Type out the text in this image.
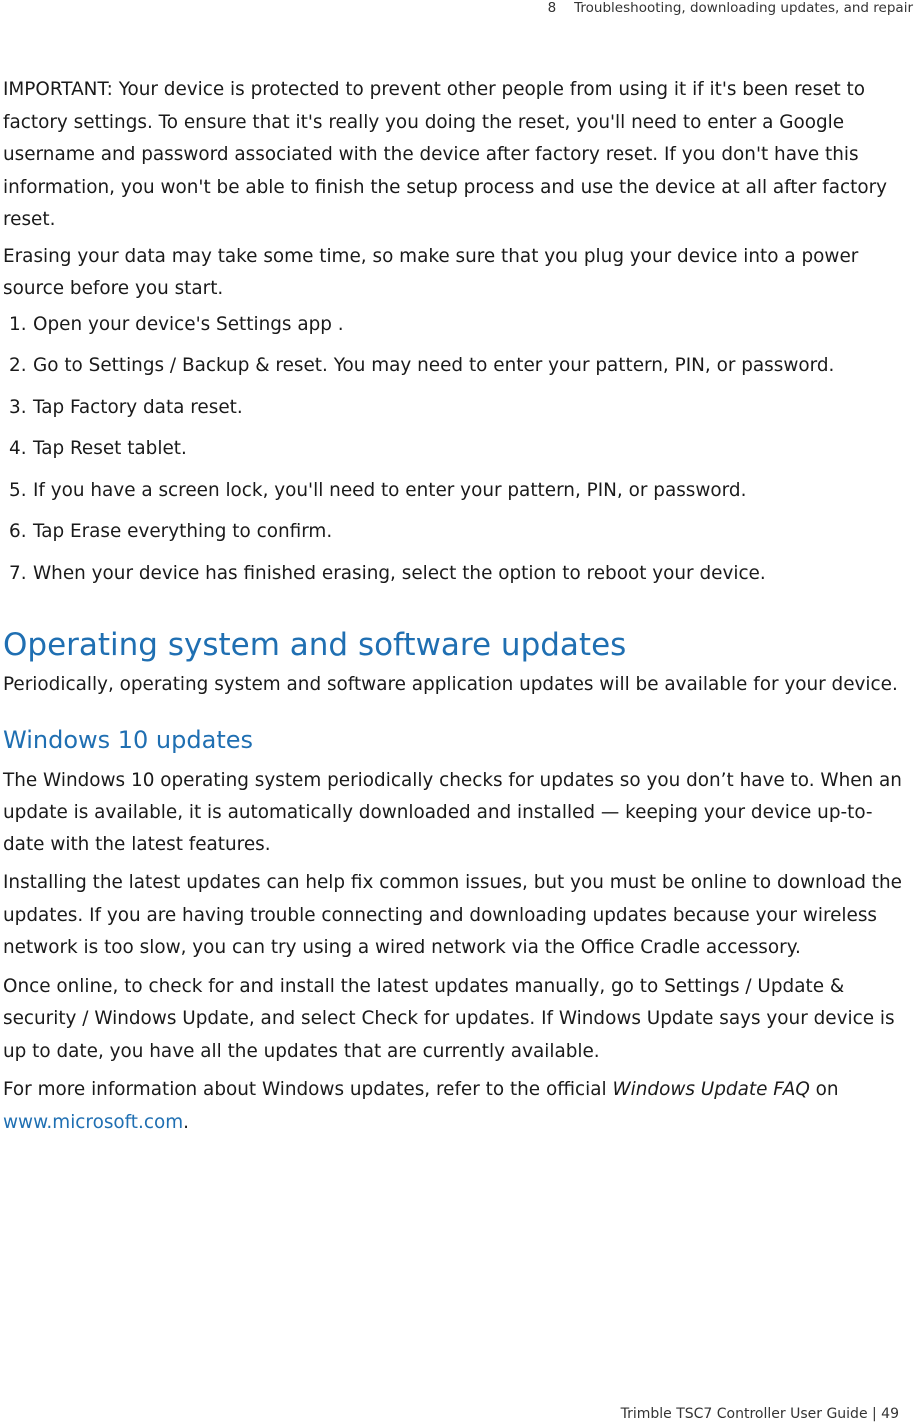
8 Troubleshooting, downloading updates, and repair

IMPORTANT: Your device is protected to prevent other people from using it if it's been reset to factory settings. To ensure that it's really you doing the reset, you'll need to enter a Google username and password associated with the device after factory reset. If you don't have this information, you won't be able to finish the setup process and use the device at all after factory reset.

Erasing your data may take some time, so make sure that you plug your device into a power source before you start.

1. Open your device's Settings app .
2. Go to Settings / Backup & reset. You may need to enter your pattern, PIN, or password.
3. Tap Factory data reset.
4. Tap Reset tablet.
5. If you have a screen lock, you'll need to enter your pattern, PIN, or password.
6. Tap Erase everything to confirm.
7. When your device has finished erasing, select the option to reboot your device.
Operating system and software updates

Periodically, operating system and software application updates will be available for your device.

Windows 10 updates

The Windows 10 operating system periodically checks for updates so you don’t have to. When an update is available, it is automatically downloaded and installed — keeping your device up-to-date with the latest features.

Installing the latest updates can help fix common issues, but you must be online to download the updates. If you are having trouble connecting and downloading updates because your wireless network is too slow, you can try using a wired network via the Office Cradle accessory.

Once online, to check for and install the latest updates manually, go to Settings / Update & security / Windows Update, and select Check for updates. If Windows Update says your device is up to date, you have all the updates that are currently available.

For more information about Windows updates, refer to the official Windows Update FAQ on
www.microsoft.com.

Trimble TSC7 Controller User Guide | 49
